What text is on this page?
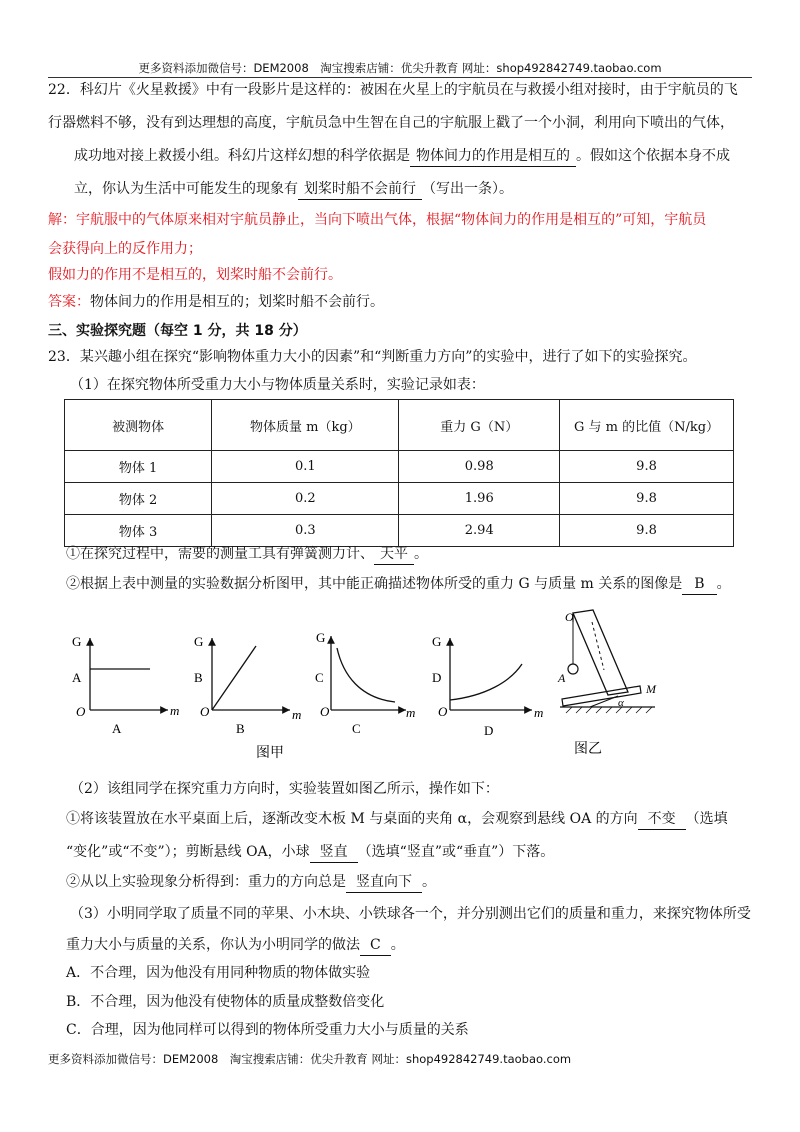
更多资料添加微信号：DEM2008　淘宝搜索店铺：优尖升教育 网址：shop492842749.taobao.com
22．科幻片《火星救援》中有一段影片是这样的：被困在火星上的宇航员在与救援小组对接时，由于宇航员的飞
行器燃料不够，没有到达理想的高度，宇航员急中生智在自己的宇航服上戳了一个小洞，利用向下喷出的气体，
成功地对接上救援小组。科幻片这样幻想的科学依据是 物体间力的作用是相互的 。假如这个依据本身不成
立，你认为生活中可能发生的现象有 划桨时船不会前行 （写出一条）。
解：宇航服中的气体原来相对宇航员静止，当向下喷出气体，根据“物体间力的作用是相互的”可知，宇航员
会获得向上的反作用力；
假如力的作用不是相互的，划桨时船不会前行。
答案：物体间力的作用是相互的；划桨时船不会前行。
三、实验探究题（每空 1 分，共 18 分）
23．某兴趣小组在探究“影响物体重力大小的因素”和“判断重力方向”的实验中，进行了如下的实验探究。
（1）在探究物体所受重力大小与物体质量关系时，实验记录如表：
被测物体	物体质量 m（kg）	重力 G（N）	G 与 m 的比值（N/kg）
物体 1	0.1	0.98	9.8
物体 2	0.2	1.96	9.8
物体 3	0.3	2.94	9.8
①在探究过程中，需要的测量工具有弹簧测力计、 天平 。
②根据上表中测量的实验数据分析图甲，其中能正确描述物体所受的重力 G 与质量 m 关系的图像是 B 。
G
m
O
A
A
G
m
O
B
B
G
m
O
C
C
G
m
O
D
D
图甲
O
A
M
α
图乙
（2）该组同学在探究重力方向时，实验装置如图乙所示，操作如下：
①将该装置放在水平桌面上后，逐渐改变木板 M 与桌面的夹角 α，会观察到悬线 OA 的方向 不变 （选填
“变化”或“不变”）；剪断悬线 OA，小球 竖直 （选填“竖直”或“垂直”）下落。
②从以上实验现象分析得到：重力的方向总是 竖直向下 。
（3）小明同学取了质量不同的苹果、小木块、小铁球各一个，并分别测出它们的质量和重力，来探究物体所受
重力大小与质量的关系，你认为小明同学的做法 C 。
A．不合理，因为他没有用同种物质的物体做实验
B．不合理，因为他没有使物体的质量成整数倍变化
C．合理，因为他同样可以得到的物体所受重力大小与质量的关系
更多资料添加微信号：DEM2008　淘宝搜索店铺：优尖升教育 网址：shop492842749.taobao.com
